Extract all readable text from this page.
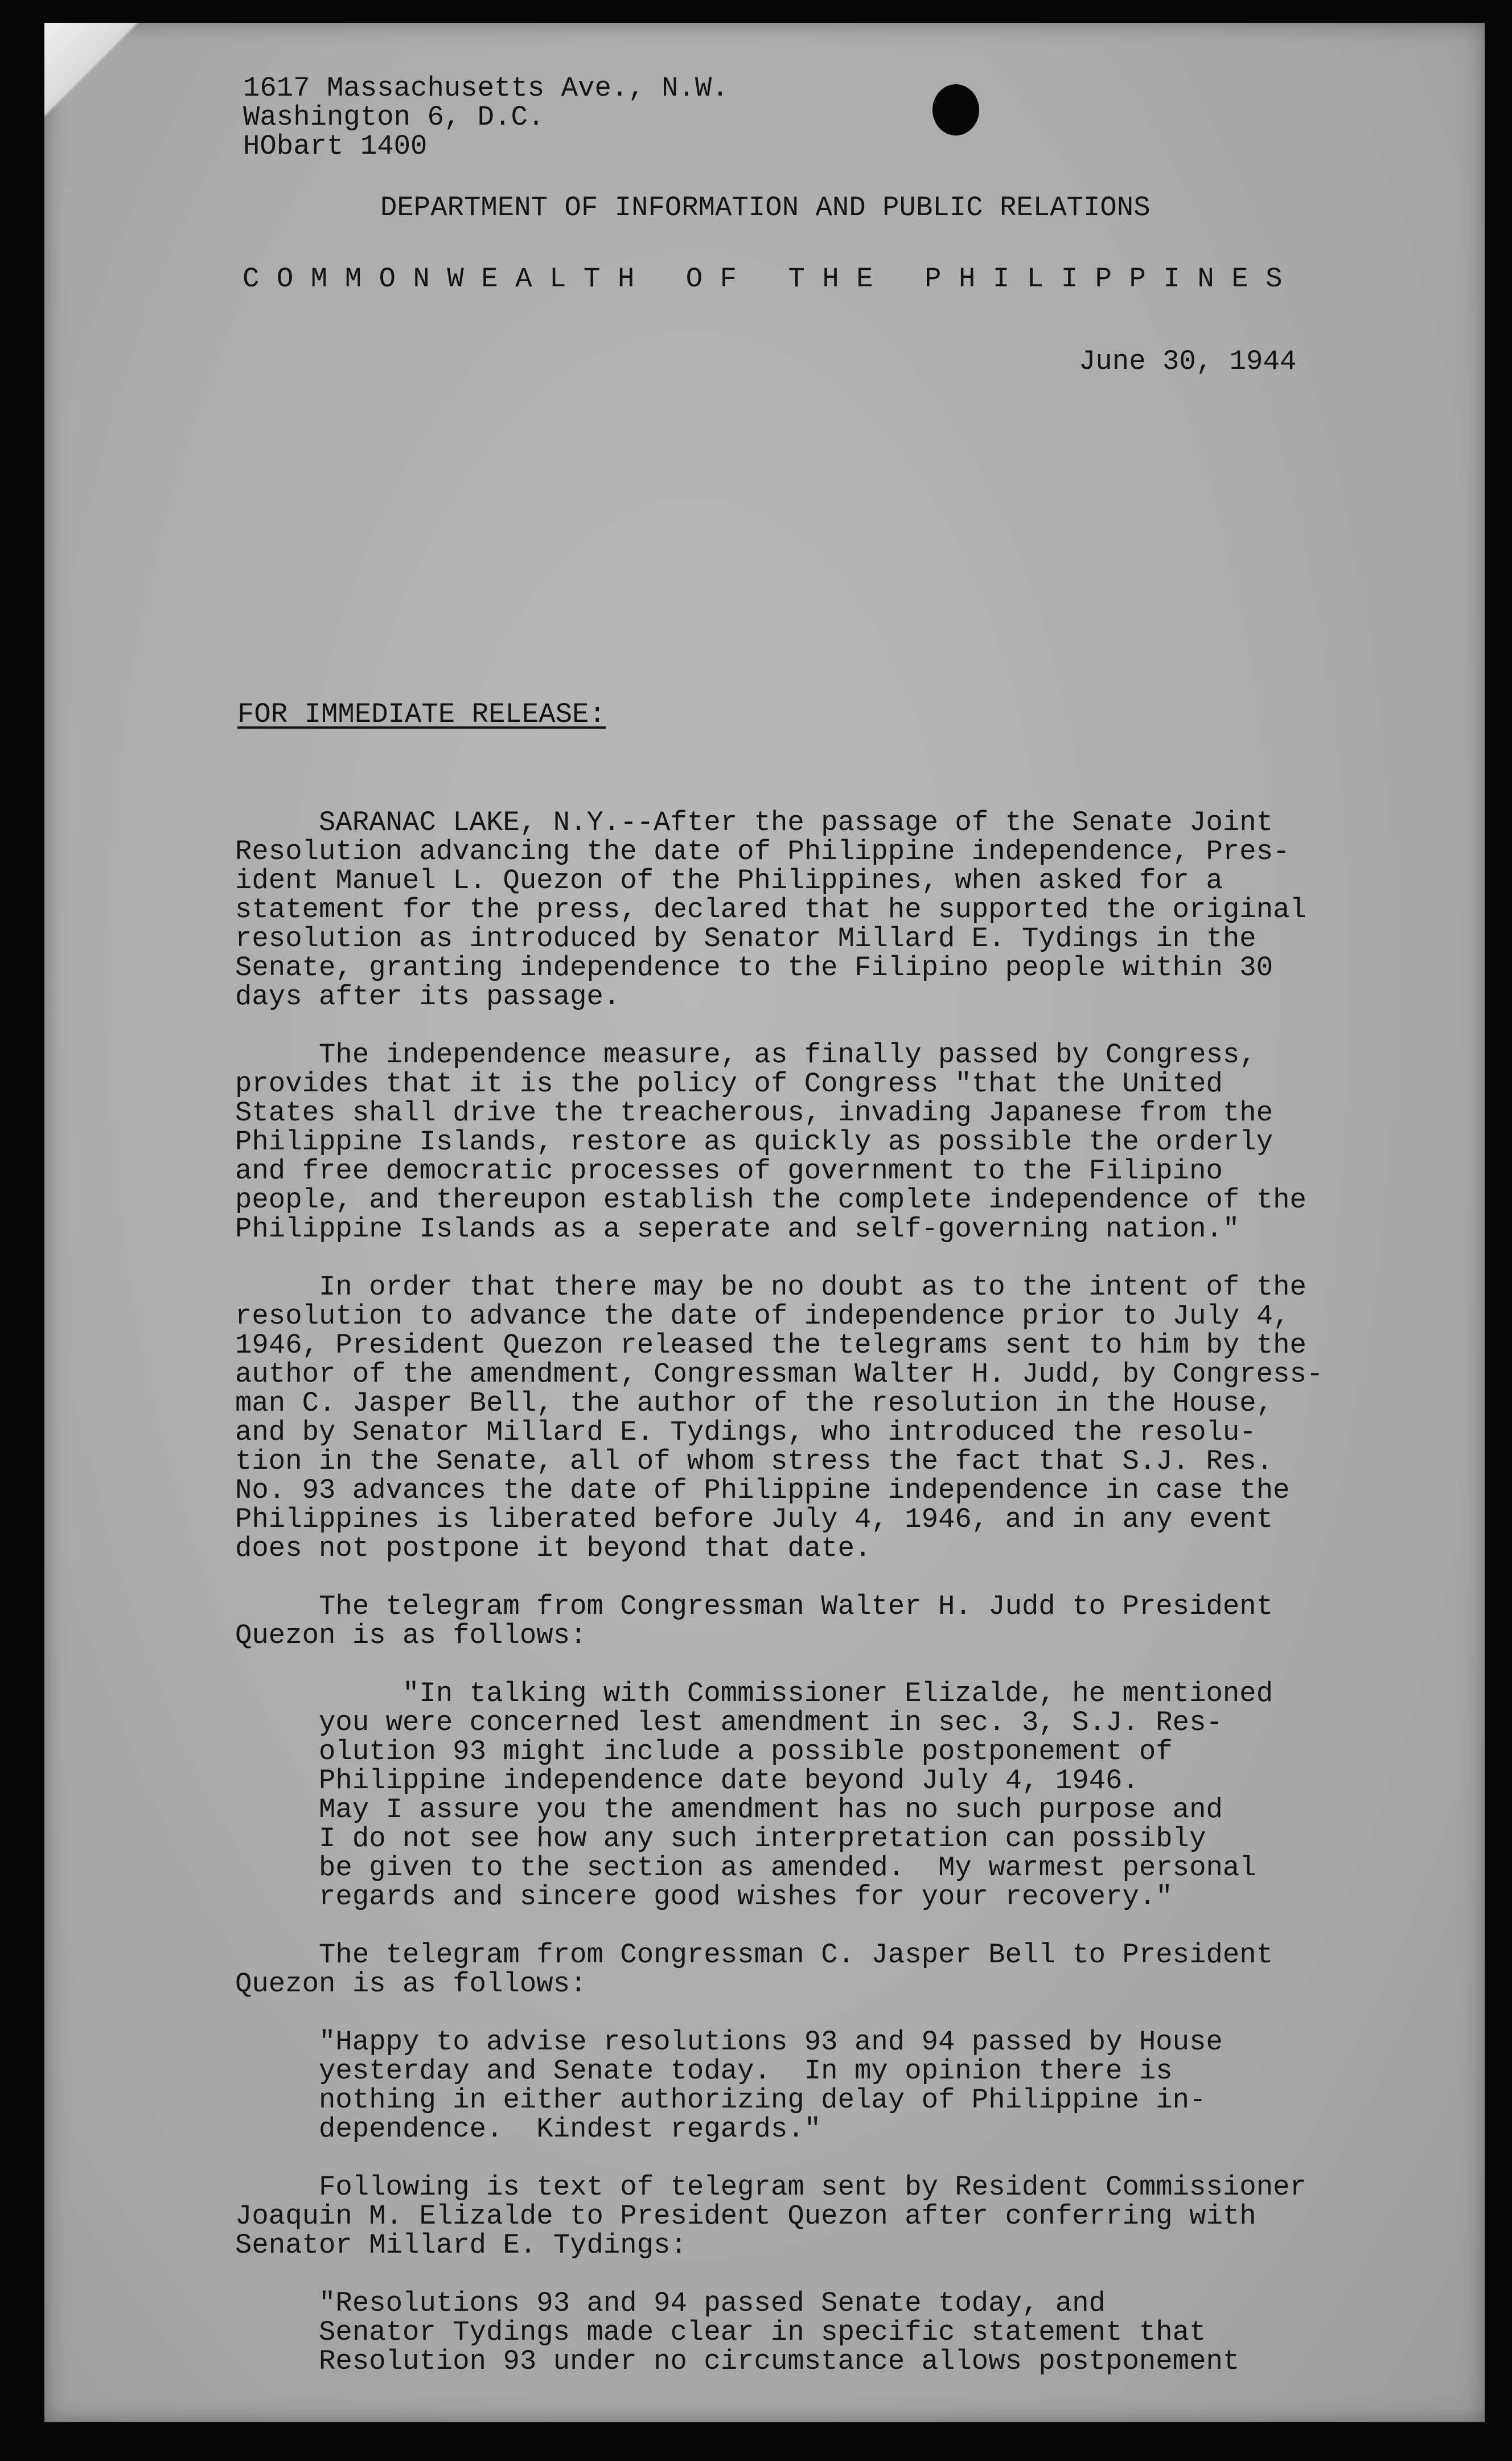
1617 Massachusetts Ave., N.W.
Washington 6, D.C.
HObart 1400
DEPARTMENT OF INFORMATION AND PUBLIC RELATIONS
COMMONWEALTH OF THE PHILIPPINES
June 30, 1944
FOR IMMEDIATE RELEASE:
SARANAC LAKE, N.Y.--After the passage of the Senate Joint
Resolution advancing the date of Philippine independence, Pres-
ident Manuel L. Quezon of the Philippines, when asked for a
statement for the press, declared that he supported the original
resolution as introduced by Senator Millard E. Tydings in the
Senate, granting independence to the Filipino people within 30
days after its passage.

The independence measure, as finally passed by Congress,
provides that it is the policy of Congress "that the United
States shall drive the treacherous, invading Japanese from the
Philippine Islands, restore as quickly as possible the orderly
and free democratic processes of government to the Filipino
people, and thereupon establish the complete independence of the
Philippine Islands as a seperate and self-governing nation."

In order that there may be no doubt as to the intent of the
resolution to advance the date of independence prior to July 4,
1946, President Quezon released the telegrams sent to him by the
author of the amendment, Congressman Walter H. Judd, by Congress-
man C. Jasper Bell, the author of the resolution in the House,
and by Senator Millard E. Tydings, who introduced the resolu-
tion in the Senate, all of whom stress the fact that S.J. Res.
No. 93 advances the date of Philippine independence in case the
Philippines is liberated before July 4, 1946, and in any event
does not postpone it beyond that date.

The telegram from Congressman Walter H. Judd to President
Quezon is as follows:

"In talking with Commissioner Elizalde, he mentioned
you were concerned lest amendment in sec. 3, S.J. Res-
olution 93 might include a possible postponement of
Philippine independence date beyond July 4, 1946.
May I assure you the amendment has no such purpose and
I do not see how any such interpretation can possibly
be given to the section as amended.  My warmest personal
regards and sincere good wishes for your recovery."

The telegram from Congressman C. Jasper Bell to President
Quezon is as follows:

"Happy to advise resolutions 93 and 94 passed by House
yesterday and Senate today.  In my opinion there is
nothing in either authorizing delay of Philippine in-
dependence.  Kindest regards."

Following is text of telegram sent by Resident Commissioner
Joaquin M. Elizalde to President Quezon after conferring with
Senator Millard E. Tydings:

"Resolutions 93 and 94 passed Senate today, and
Senator Tydings made clear in specific statement that
Resolution 93 under no circumstance allows postponement
